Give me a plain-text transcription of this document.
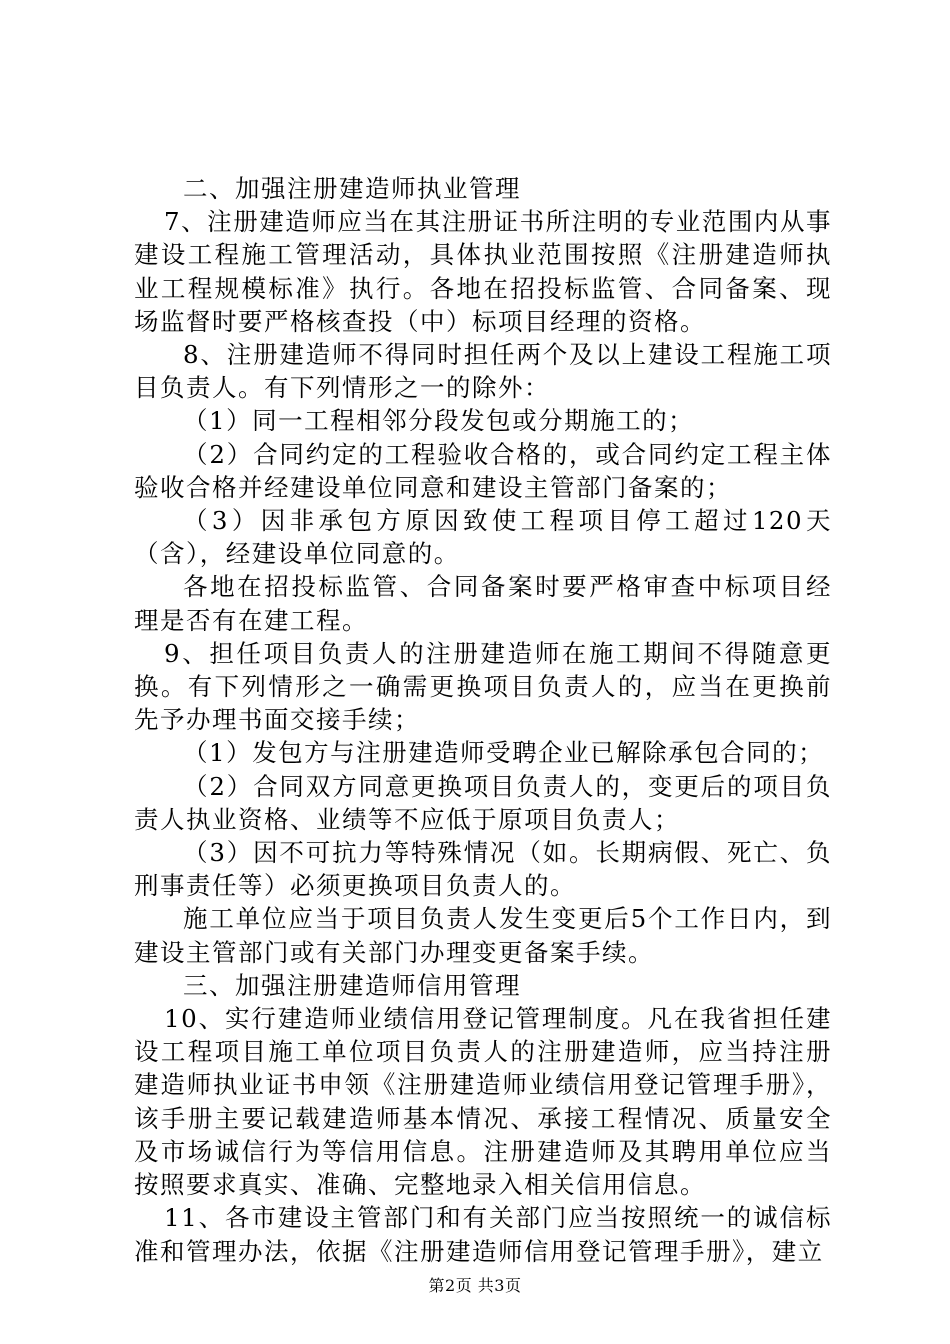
二、加强注册建造师执业管理

7、注册建造师应当在其注册证书所注明的专业范围内从事建设工程施工管理活动，具体执业范围按照《注册建造师执业工程规模标准》执行。各地在招投标监管、合同备案、现场监督时要严格核查投（中）标项目经理的资格。

8、注册建造师不得同时担任两个及以上建设工程施工项目负责人。有下列情形之一的除外：

（1）同一工程相邻分段发包或分期施工的；

（2）合同约定的工程验收合格的，或合同约定工程主体验收合格并经建设单位同意和建设主管部门备案的；

（3）因非承包方原因致使工程项目停工超过120天（含），经建设单位同意的。

各地在招投标监管、合同备案时要严格审查中标项目经理是否有在建工程。

9、担任项目负责人的注册建造师在施工期间不得随意更换。有下列情形之一确需更换项目负责人的，应当在更换前先予办理书面交接手续；

（1）发包方与注册建造师受聘企业已解除承包合同的；

（2）合同双方同意更换项目负责人的，变更后的项目负责人执业资格、业绩等不应低于原项目负责人；

（3）因不可抗力等特殊情况（如。长期病假、死亡、负刑事责任等）必须更换项目负责人的。

施工单位应当于项目负责人发生变更后5个工作日内，到建设主管部门或有关部门办理变更备案手续。

三、加强注册建造师信用管理

10、实行建造师业绩信用登记管理制度。凡在我省担任建设工程项目施工单位项目负责人的注册建造师，应当持注册建造师执业证书申领《注册建造师业绩信用登记管理手册》，该手册主要记载建造师基本情况、承接工程情况、质量安全及市场诚信行为等信用信息。注册建造师及其聘用单位应当按照要求真实、准确、完整地录入相关信用信息。

11、各市建设主管部门和有关部门应当按照统一的诚信标准和管理办法，依据《注册建造师信用登记管理手册》，建立

第2页 共3页
